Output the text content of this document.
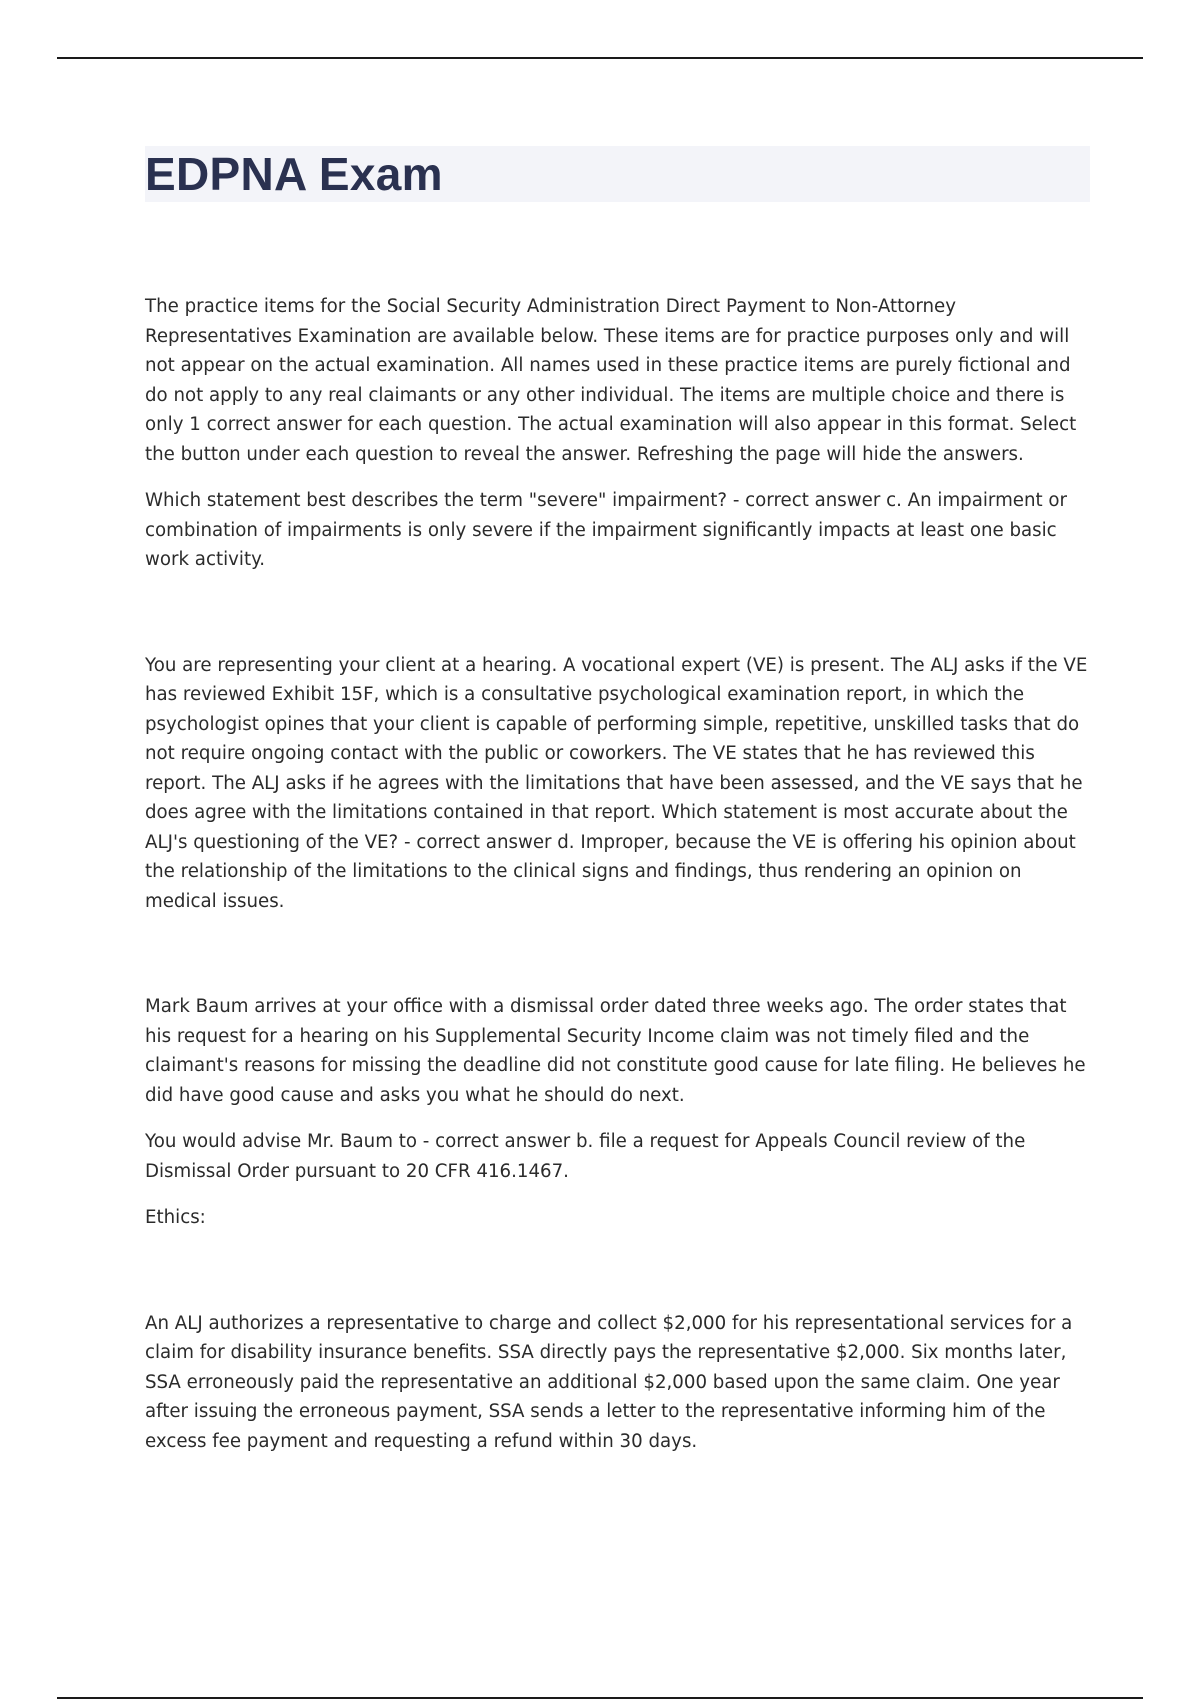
EDPNA Exam

The practice items for the Social Security Administration Direct Payment to Non-Attorney Representatives Examination are available below. These items are for practice purposes only and will not appear on the actual examination. All names used in these practice items are purely fictional and do not apply to any real claimants or any other individual. The items are multiple choice and there is only 1 correct answer for each question. The actual examination will also appear in this format. Select the button under each question to reveal the answer. Refreshing the page will hide the answers.

Which statement best describes the term "severe" impairment? - correct answer c. An impairment or combination of impairments is only severe if the impairment significantly impacts at least one basic work activity.

You are representing your client at a hearing. A vocational expert (VE) is present. The ALJ asks if the VE has reviewed Exhibit 15F, which is a consultative psychological examination report, in which the psychologist opines that your client is capable of performing simple, repetitive, unskilled tasks that do not require ongoing contact with the public or coworkers. The VE states that he has reviewed this report. The ALJ asks if he agrees with the limitations that have been assessed, and the VE says that he does agree with the limitations contained in that report. Which statement is most accurate about the ALJ's questioning of the VE? - correct answer d. Improper, because the VE is offering his opinion about the relationship of the limitations to the clinical signs and findings, thus rendering an opinion on medical issues.

Mark Baum arrives at your office with a dismissal order dated three weeks ago. The order states that his request for a hearing on his Supplemental Security Income claim was not timely filed and the claimant's reasons for missing the deadline did not constitute good cause for late filing. He believes he did have good cause and asks you what he should do next.

You would advise Mr. Baum to - correct answer b. file a request for Appeals Council review of the Dismissal Order pursuant to 20 CFR 416.1467.

Ethics:

An ALJ authorizes a representative to charge and collect $2,000 for his representational services for a claim for disability insurance benefits. SSA directly pays the representative $2,000. Six months later, SSA erroneously paid the representative an additional $2,000 based upon the same claim. One year after issuing the erroneous payment, SSA sends a letter to the representative informing him of the excess fee payment and requesting a refund within 30 days.
